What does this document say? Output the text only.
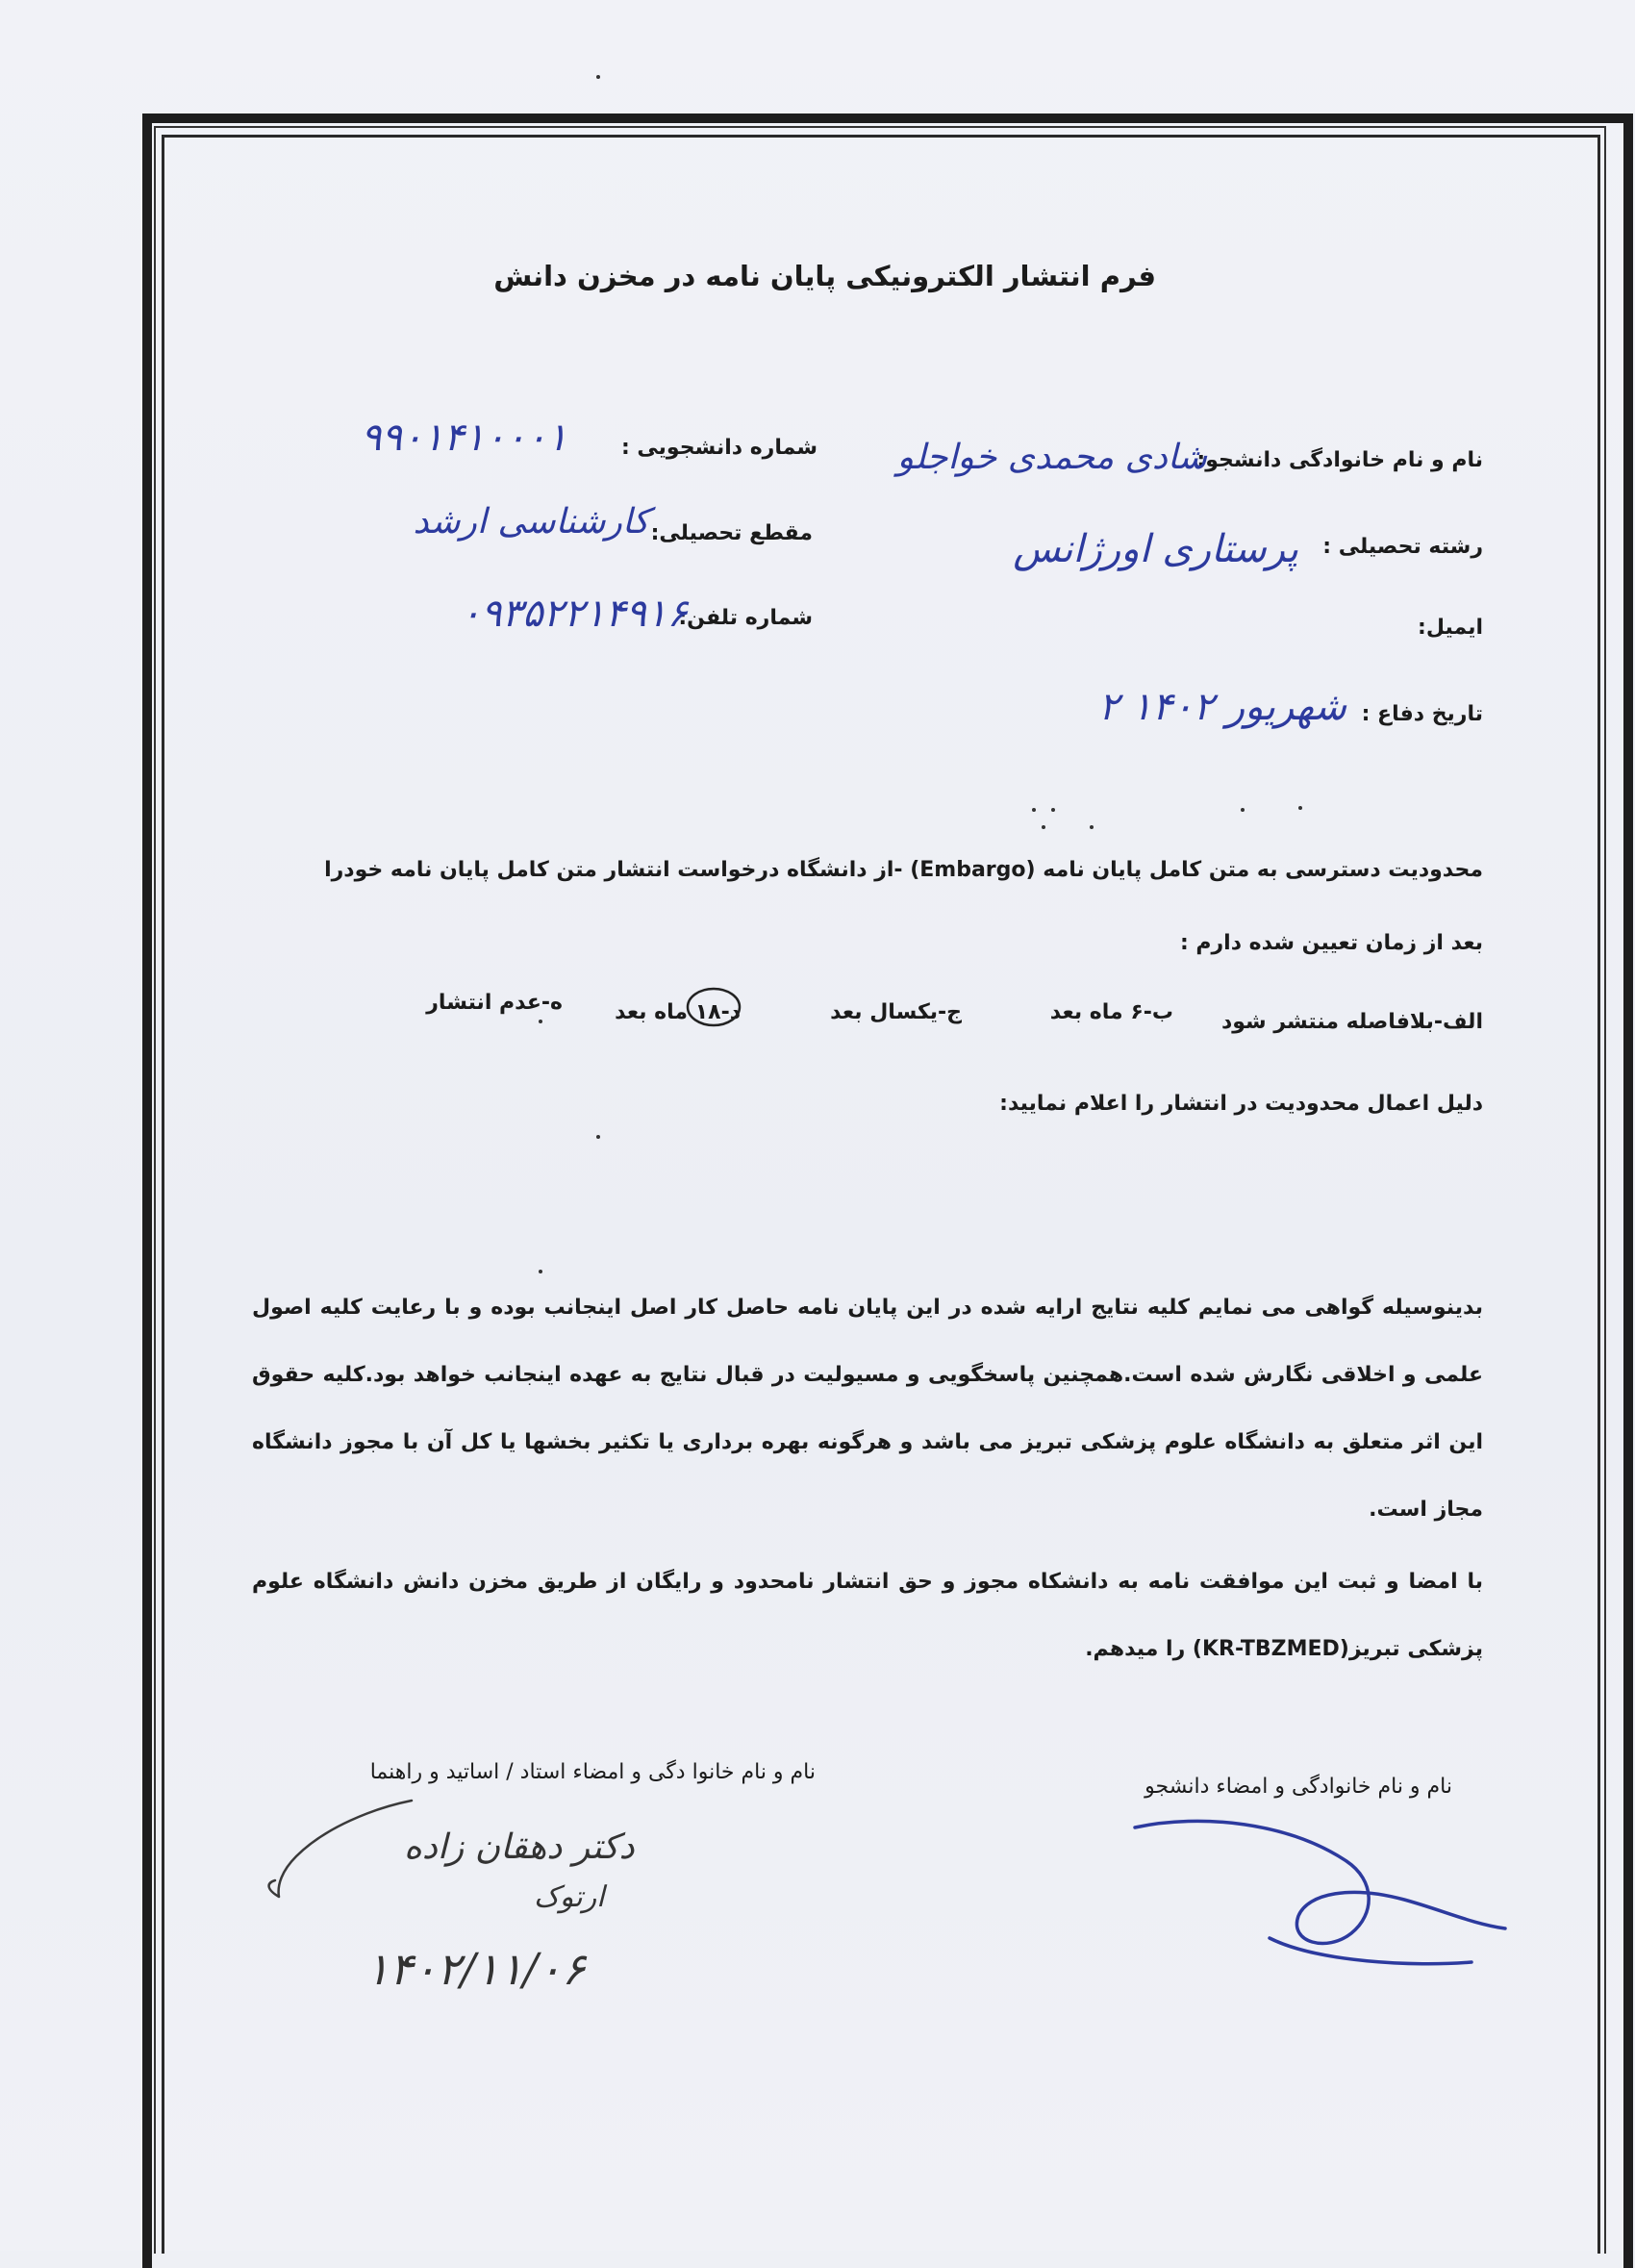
فرم انتشار الکترونیکی پایان نامه در مخزن دانش
نام و نام خانوادگی دانشجو:
شادی محمدی خواجلو
شماره دانشجویی :
۹۹۰۱۴۱۰۰۰۱
رشته تحصیلی :
پرستاری اورژانس
مقطع تحصیلی:
کارشناسی ارشد
ایمیل:
شماره تلفن:
۰۹۳۵۲۲۱۴۹۱۶
تاریخ دفاع :
۲ شهریور ۱۴۰۲
محدودیت دسترسی به متن کامل پایان نامه (Embargo) -از دانشگاه درخواست انتشار متن کامل پایان نامه خودرا
بعد از زمان تعیین شده دارم :
الف-بلافاصله منتشر شود
ب-۶ ماه بعد
ج-یکسال بعد
د-۱۸ ماه بعد
ه-عدم انتشار
دلیل اعمال محدودیت در انتشار را اعلام نمایید:
بدینوسیله گواهی می نمایم کلیه نتایج ارایه شده در این پایان نامه حاصل کار اصل اینجانب بوده و با رعایت کلیه اصول علمی و اخلاقی نگارش شده است.همچنین پاسخگویی و مسیولیت در قبال نتایج به عهده اینجانب خواهد بود.کلیه حقوق این اثر متعلق به دانشگاه علوم پزشکی تبریز می باشد و هرگونه بهره برداری یا تکثیر بخشها یا کل آن با مجوز دانشگاه مجاز است.
با امضا و ثبت این موافقت نامه به دانشکاه مجوز و حق انتشار نامحدود و رایگان از طریق مخزن دانش دانشگاه علوم پزشکی تبریز(KR-TBZMED) را میدهم.
نام و نام خانوادگی و امضاء دانشجو
نام و نام خانوا دگی و امضاء استاد / اساتید و راهنما
دکتر دهقان زاده
ارتوک
۱۴۰۲/۱۱/۰۶
